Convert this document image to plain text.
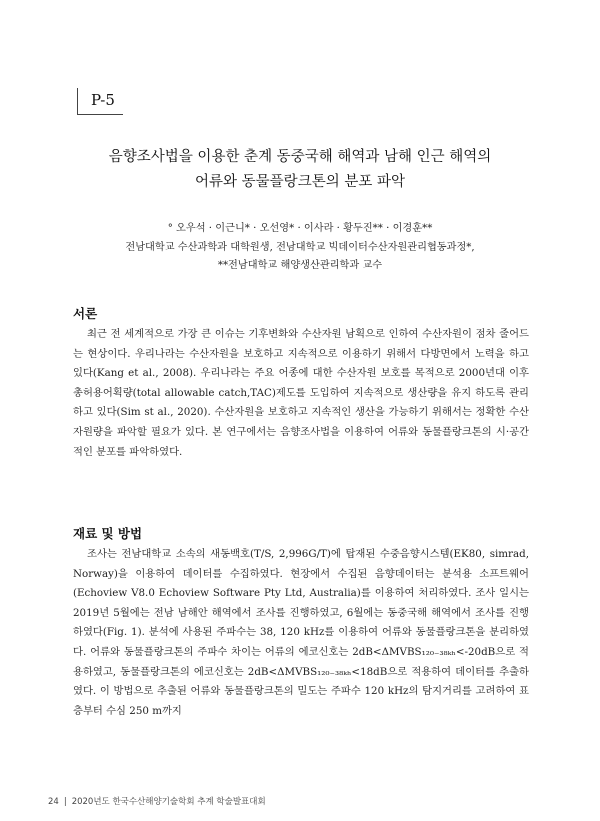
P-5
음향조사법을 이용한 춘계 동중국해 해역과 남해 인근 해역의
어류와 동물플랑크톤의 분포 파악
° 오우석 · 이근니* · 오선영* · 이사라 · 황두진** · 이경훈**
전남대학교 수산과학과 대학원생, 전남대학교 빅데이터수산자원관리협동과정*,
**전남대학교 해양생산관리학과 교수
서론

최근 전 세계적으로 가장 큰 이슈는 기후변화와 수산자원 남획으로 인하여 수산자원이 점차 줄어드는 현상이다. 우리나라는 수산자원을 보호하고 지속적으로 이용하기 위해서 다방면에서 노력을 하고 있다(Kang et al., 2008). 우리나라는 주요 어종에 대한 수산자원 보호를 목적으로 2000년대 이후 총허용어획량(total allowable catch,TAC)제도를 도입하여 지속적으로 생산량을 유지 하도록 관리하고 있다(Sim st al., 2020). 수산자원을 보호하고 지속적인 생산을 가능하기 위해서는 정확한 수산자원량을 파악할 필요가 있다. 본 연구에서는 음향조사법을 이용하여 어류와 동물플랑크톤의 시·공간적인 분포를 파악하였다.

재료 및 방법

조사는 전남대학교 소속의 새동백호(T/S, 2,996G/T)에 탑재된 수중음향시스템(EK80, simrad, Norway)을 이용하여 데이터를 수집하였다. 현장에서 수집된 음향데이터는 분석용 소프트웨어(Echoview V8.0 Echoview Software Pty Ltd, Australia)를 이용하여 처리하였다. 조사 일시는 2019년 5월에는 전남 남해안 해역에서 조사를 진행하였고, 6월에는 동중국해 해역에서 조사를 진행하였다(Fig. 1). 분석에 사용된 주파수는 38, 120 kHz를 이용하여 어류와 동물플랑크톤을 분리하였다. 어류와 동물플랑크톤의 주파수 차이는 어류의 에코신호는 2dB<ΔMVBS₁₂₀₋₃₈ₖₕ<-20dB으로 적용하였고, 동물플랑크톤의 에코신호는 2dB<ΔMVBS₁₂₀₋₃₈ₖₕ<18dB으로 적용하여 데이터를 추출하였다. 이 방법으로 추출된 어류와 동물플랑크톤의 밀도는 주파수 120 kHz의 탐지거리를 고려하여 표층부터 수심 250 m까지

24 | 2020년도 한국수산해양기술학회 추계 학술발표대회
